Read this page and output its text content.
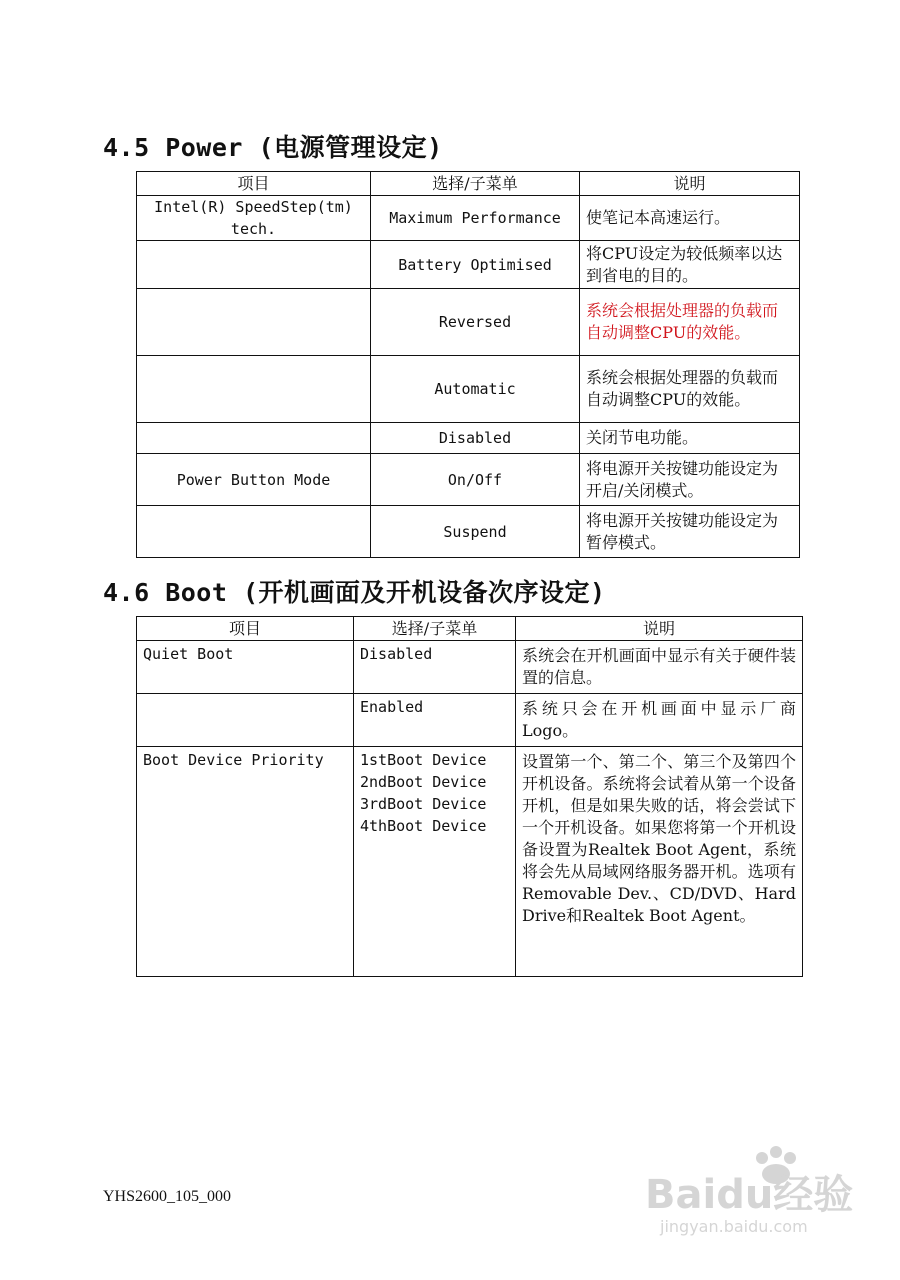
4.5 Power (电源管理设定)
项目	选择/子菜单	说明
Intel(R) SpeedStep(tm) tech.	Maximum Performance	使笔记本高速运行。
	Battery Optimised	将CPU设定为较低频率以达到省电的目的。
	Reversed	系统会根据处理器的负载而自动调整CPU的效能。
	Automatic	系统会根据处理器的负载而自动调整CPU的效能。
	Disabled	关闭节电功能。
Power Button Mode	On/Off	将电源开关按键功能设定为开启/关闭模式。
	Suspend	将电源开关按键功能设定为暂停模式。
4.6 Boot (开机画面及开机设备次序设定)
项目	选择/子菜单	说明
Quiet Boot	Disabled	系统会在开机画面中显示有关于硬件装置的信息。
	Enabled	系统只会在开机画面中显示厂商Logo。
Boot Device Priority	1stBoot Device
2ndBoot Device
3rdBoot Device
4thBoot Device	设置第一个、第二个、第三个及第四个开机设备。系统将会试着从第一个设备开机，但是如果失败的话，将会尝试下一个开机设备。如果您将第一个开机设备设置为Realtek Boot Agent，系统将会先从局域网络服务器开机。选项有Removable Dev.、CD/DVD、Hard Drive和Realtek Boot Agent。
YHS2600_105_000	Baidu经验
jingyan.baidu.com
